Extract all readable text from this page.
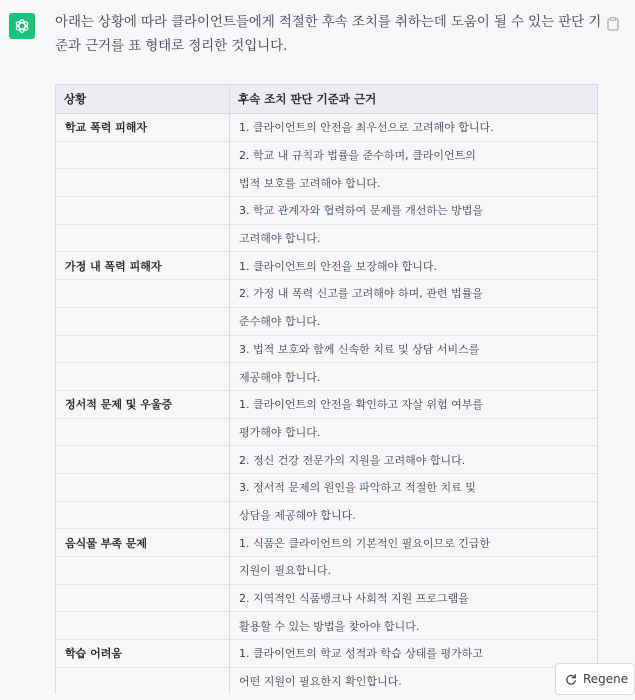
아래는 상황에 따라 클라이언트들에게 적절한 후속 조치를 취하는데 도움이 될 수 있는 판단 기준과 근거를 표 형태로 정리한 것입니다.
상황	후속 조치 판단 기준과 근거
학교 폭력 피해자	1. 클라이언트의 안전을 최우선으로 고려해야 합니다.
	2. 학교 내 규칙과 법률을 준수하며, 클라이언트의
	법적 보호를 고려해야 합니다.
	3. 학교 관계자와 협력하여 문제를 개선하는 방법을
	고려해야 합니다.
가정 내 폭력 피해자	1. 클라이언트의 안전을 보장해야 합니다.
	2. 가정 내 폭력 신고를 고려해야 하며, 관련 법률을
	준수해야 합니다.
	3. 법적 보호와 함께 신속한 치료 및 상담 서비스를
	제공해야 합니다.
정서적 문제 및 우울증	1. 클라이언트의 안전을 확인하고 자살 위험 여부를
	평가해야 합니다.
	2. 정신 건강 전문가의 지원을 고려해야 합니다.
	3. 정서적 문제의 원인을 파악하고 적절한 치료 및
	상담을 제공해야 합니다.
음식물 부족 문제	1. 식품은 클라이언트의 기본적인 필요이므로 긴급한
	지원이 필요합니다.
	2. 지역적인 식품뱅크나 사회적 지원 프로그램을
	활용할 수 있는 방법을 찾아야 합니다.
학습 어려움	1. 클라이언트의 학교 성적과 학습 상태를 평가하고
	어떤 지원이 필요한지 확인합니다.	Regene
